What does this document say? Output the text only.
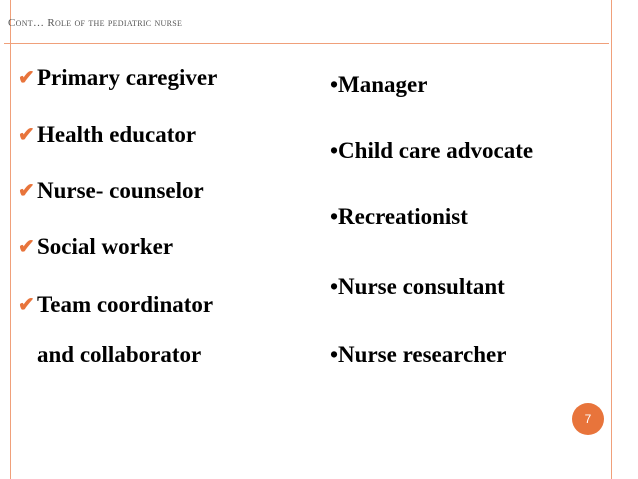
Cont… Role of the pediatric nurse
✔Primary caregiver
✔Health educator
✔Nurse- counselor
✔Social worker
✔Team coordinator
and collaborator
•Manager
•Child care advocate
•Recreationist
•Nurse consultant
•Nurse researcher
7
